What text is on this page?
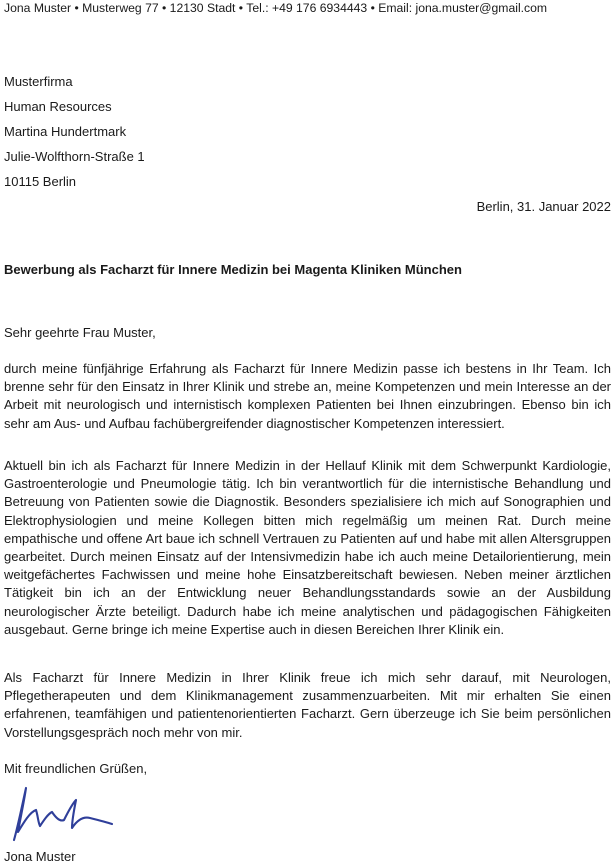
Jona Muster • Musterweg 77 • 12130 Stadt • Tel.: +49 176 6934443 • Email: jona.muster@gmail.com
Musterfirma
Human Resources
Martina Hundertmark
Julie-Wolfthorn-Straße 1
10115 Berlin
Berlin, 31. Januar 2022
Bewerbung als Facharzt für Innere Medizin bei Magenta Kliniken München
Sehr geehrte Frau Muster,
durch meine fünfjährige Erfahrung als Facharzt für Innere Medizin passe ich bestens in Ihr Team. Ich brenne sehr für den Einsatz in Ihrer Klinik und strebe an, meine Kompetenzen und mein Interesse an der Arbeit mit neurologisch und internistisch komplexen Patienten bei Ihnen einzubringen. Ebenso bin ich sehr am Aus- und Aufbau fachübergreifender diagnostischer Kompetenzen interessiert.
Aktuell bin ich als Facharzt für Innere Medizin in der Hellauf Klinik mit dem Schwerpunkt Kardiologie, Gastroenterologie und Pneumologie tätig. Ich bin verantwortlich für die internistische Behandlung und Betreuung von Patienten sowie die Diagnostik. Besonders spezialisiere ich mich auf Sonographien und Elektrophysiologien und meine Kollegen bitten mich regelmäßig um meinen Rat. Durch meine empathische und offene Art baue ich schnell Vertrauen zu Patienten auf und habe mit allen Altersgruppen gearbeitet. Durch meinen Einsatz auf der Intensivmedizin habe ich auch meine Detailorientierung, mein weitgefächertes Fachwissen und meine hohe Einsatzbereitschaft bewiesen. Neben meiner ärztlichen Tätigkeit bin ich an der Entwicklung neuer Behandlungsstandards sowie an der Ausbildung neurologischer Ärzte beteiligt. Dadurch habe ich meine analytischen und pädagogischen Fähigkeiten ausgebaut. Gerne bringe ich meine Expertise auch in diesen Bereichen Ihrer Klinik ein.
Als Facharzt für Innere Medizin in Ihrer Klinik freue ich mich sehr darauf, mit Neurologen, Pflegetherapeuten und dem Klinikmanagement zusammenzuarbeiten. Mit mir erhalten Sie einen erfahrenen, teamfähigen und patientenorientierten Facharzt. Gern überzeuge ich Sie beim persönlichen Vorstellungsgespräch noch mehr von mir.
Mit freundlichen Grüßen,
Jona Muster
